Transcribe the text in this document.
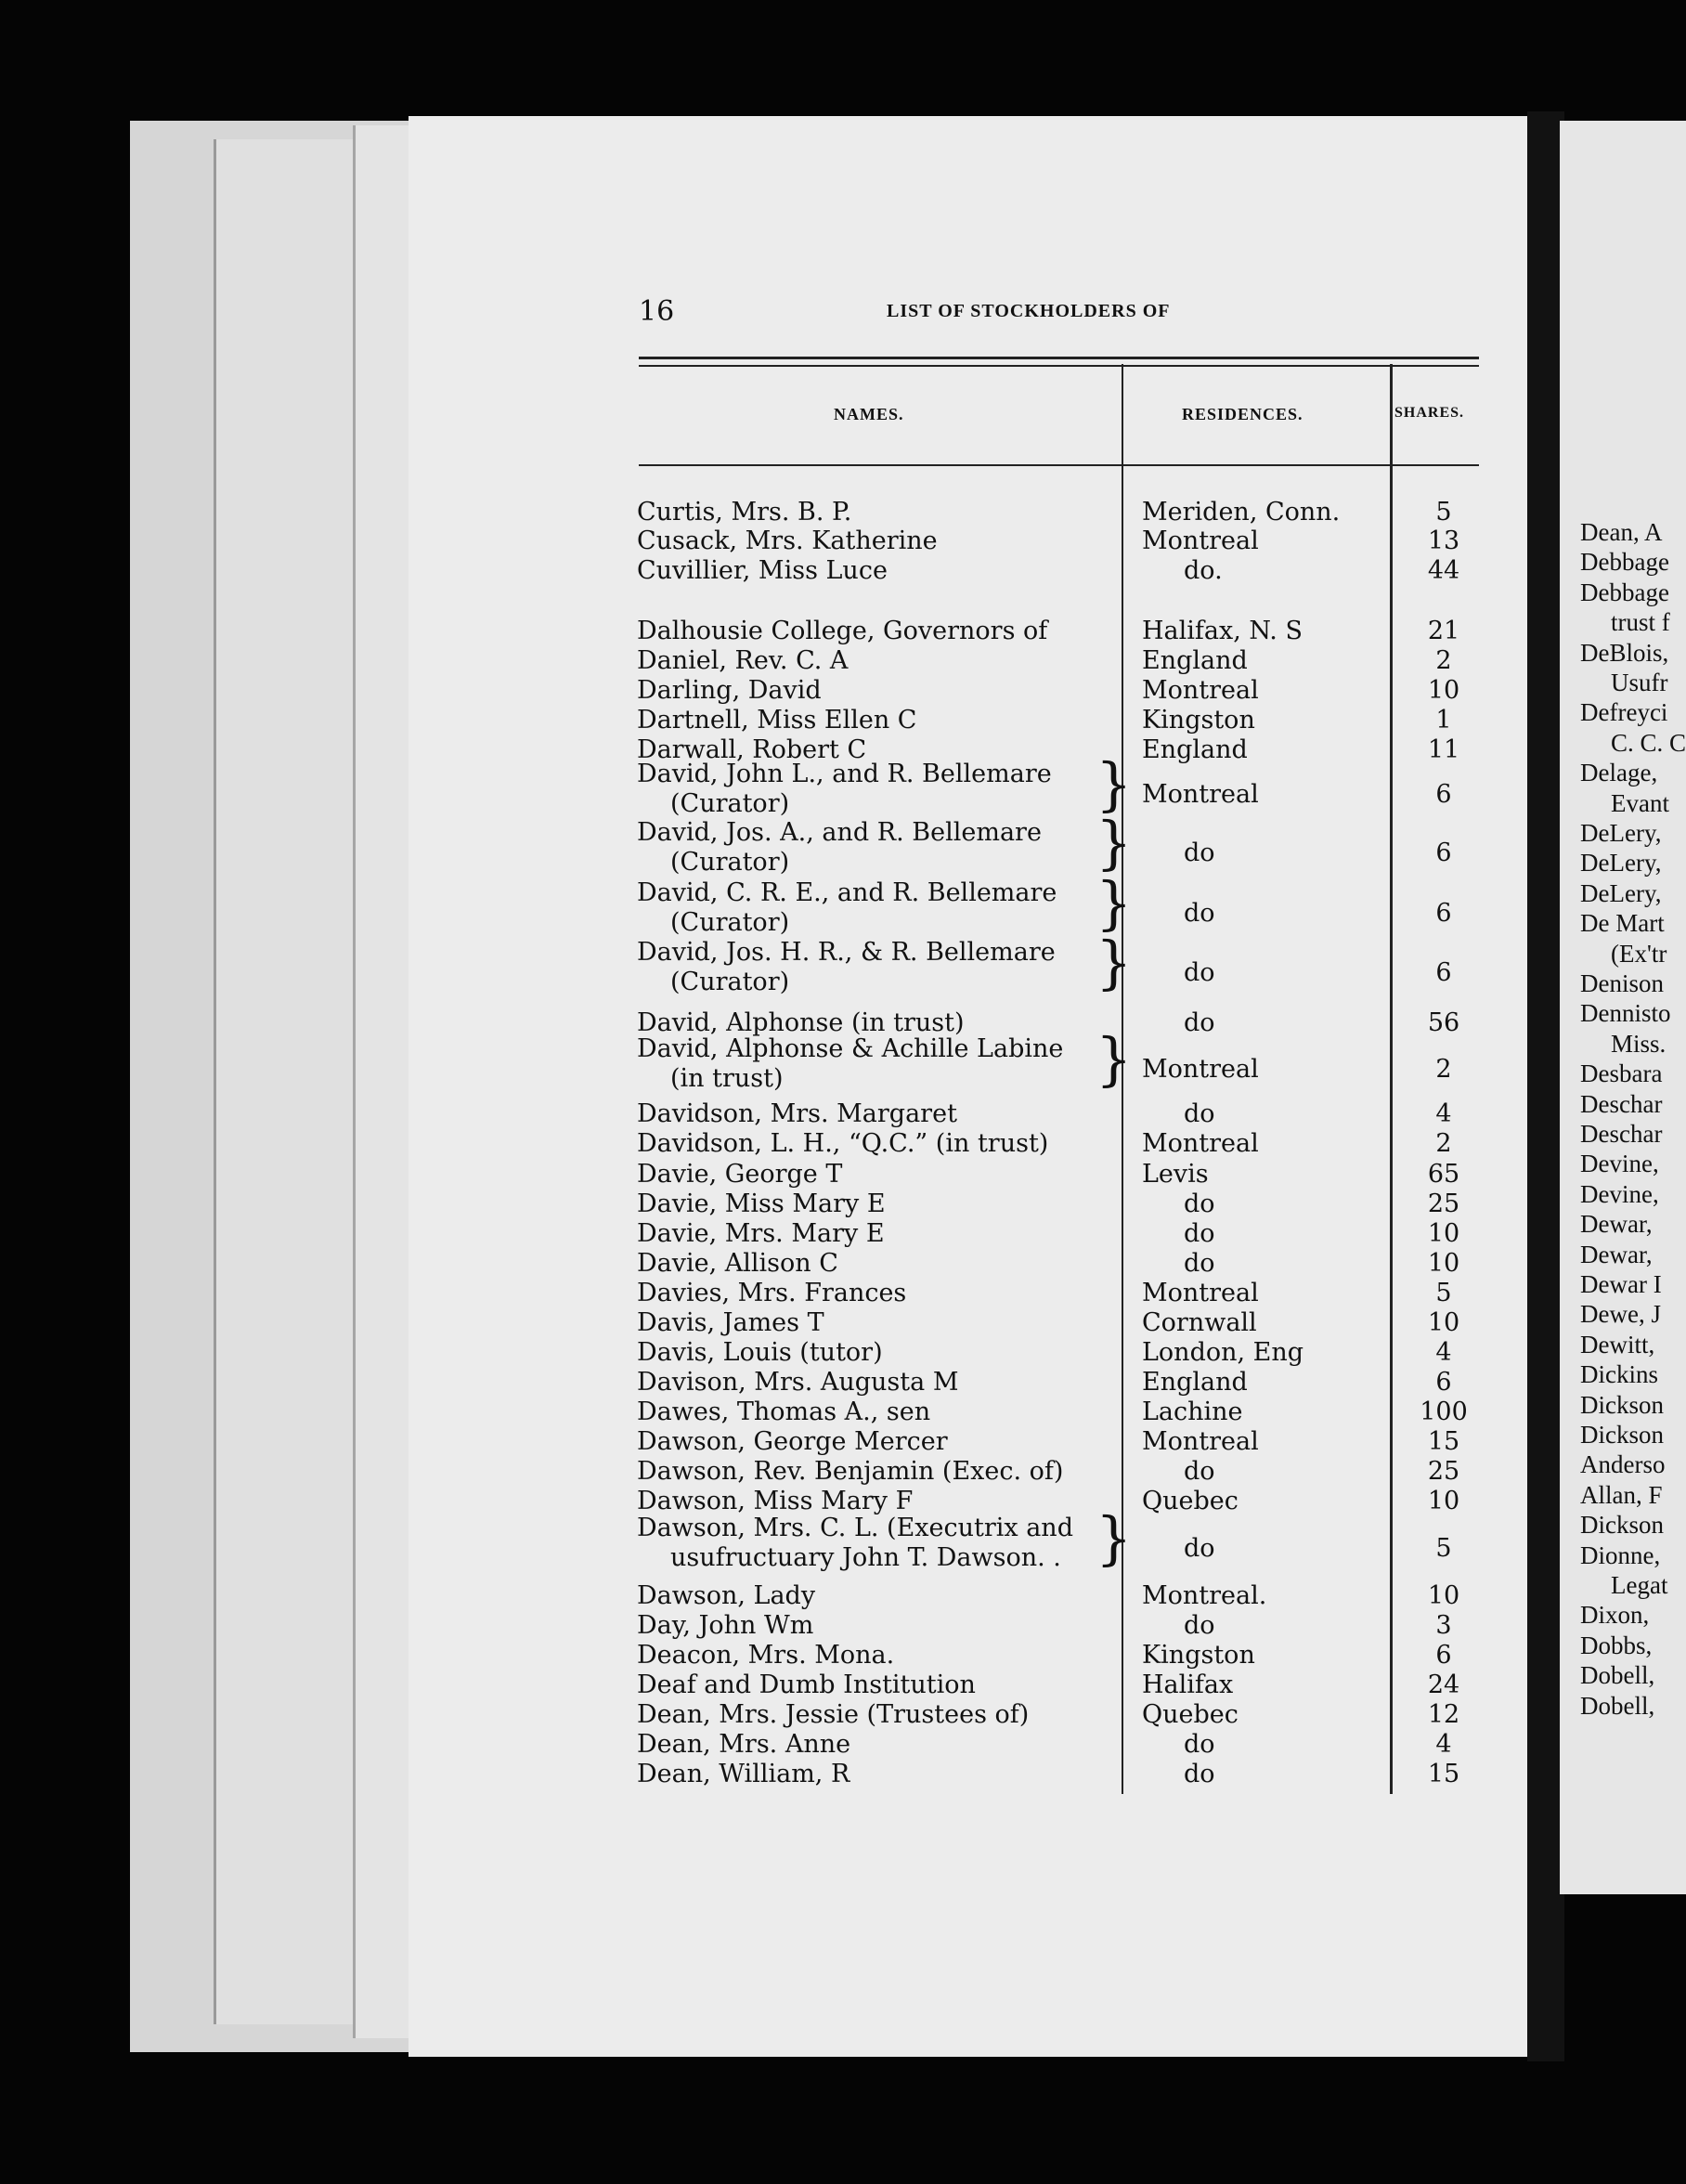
16	LIST OF STOCKHOLDERS OF
NAMES.	RESIDENCES.	SHARES.
Curtis, Mrs. B. P.	Meriden, Conn.	5
Cusack, Mrs. Katherine	Montreal	13
Cuvillier, Miss Luce	do.	44
Dalhousie College, Governors of	Halifax, N. S	21
Daniel, Rev. C. A	England	2
Darling, David	Montreal	10
Dartnell, Miss Ellen C	Kingston	1
Darwall, Robert C	England	11
David, John L., and R. Bellemare
(Curator)	} Montreal	6
David, Jos. A., and R. Bellemare
(Curator)	} do	6
David, C. R. E., and R. Bellemare
(Curator)	} do	6
David, Jos. H. R., & R. Bellemare
(Curator)	} do	6
David, Alphonse (in trust)	do	56
David, Alphonse & Achille Labine
(in trust)	} Montreal	2
Davidson, Mrs. Margaret	do	4
Davidson, L. H., “Q.C.” (in trust)	Montreal	2
Davie, George T	Levis	65
Davie, Miss Mary E	do	25
Davie, Mrs. Mary E	do	10
Davie, Allison C	do	10
Davies, Mrs. Frances	Montreal	5
Davis, James T	Cornwall	10
Davis, Louis (tutor)	London, Eng	4
Davison, Mrs. Augusta M	England	6
Dawes, Thomas A., sen	Lachine	100
Dawson, George Mercer	Montreal	15
Dawson, Rev. Benjamin (Exec. of)	do	25
Dawson, Miss Mary F	Quebec	10
Dawson, Mrs. C. L. (Executrix and
usufructuary John T. Dawson. . } do	5
Dawson, Lady	Montreal.	10
Day, John Wm	do	3
Deacon, Mrs. Mona.	Kingston	6
Deaf and Dumb Institution	Halifax	24
Dean, Mrs. Jessie (Trustees of)	Quebec	12
Dean, Mrs. Anne	do	4
Dean, William, R	do	15
Dean, A
Debbage
Debbage
trust f
DeBlois,
Usufr
Defreyci
C. C. C
Delage,
Evant
DeLery,
DeLery,
DeLery,
De Mart
(Ex'tr
Denison
Dennisto
Miss.
Desbara
Deschar
Deschar
Devine,
Devine,
Dewar,
Dewar,
Dewar I
Dewe, J
Dewitt,
Dickins
Dickson
Dickson
Anderso
Allan, F
Dickson
Dionne,
Legat
Dixon,
Dobbs,
Dobell,
Dobell,
